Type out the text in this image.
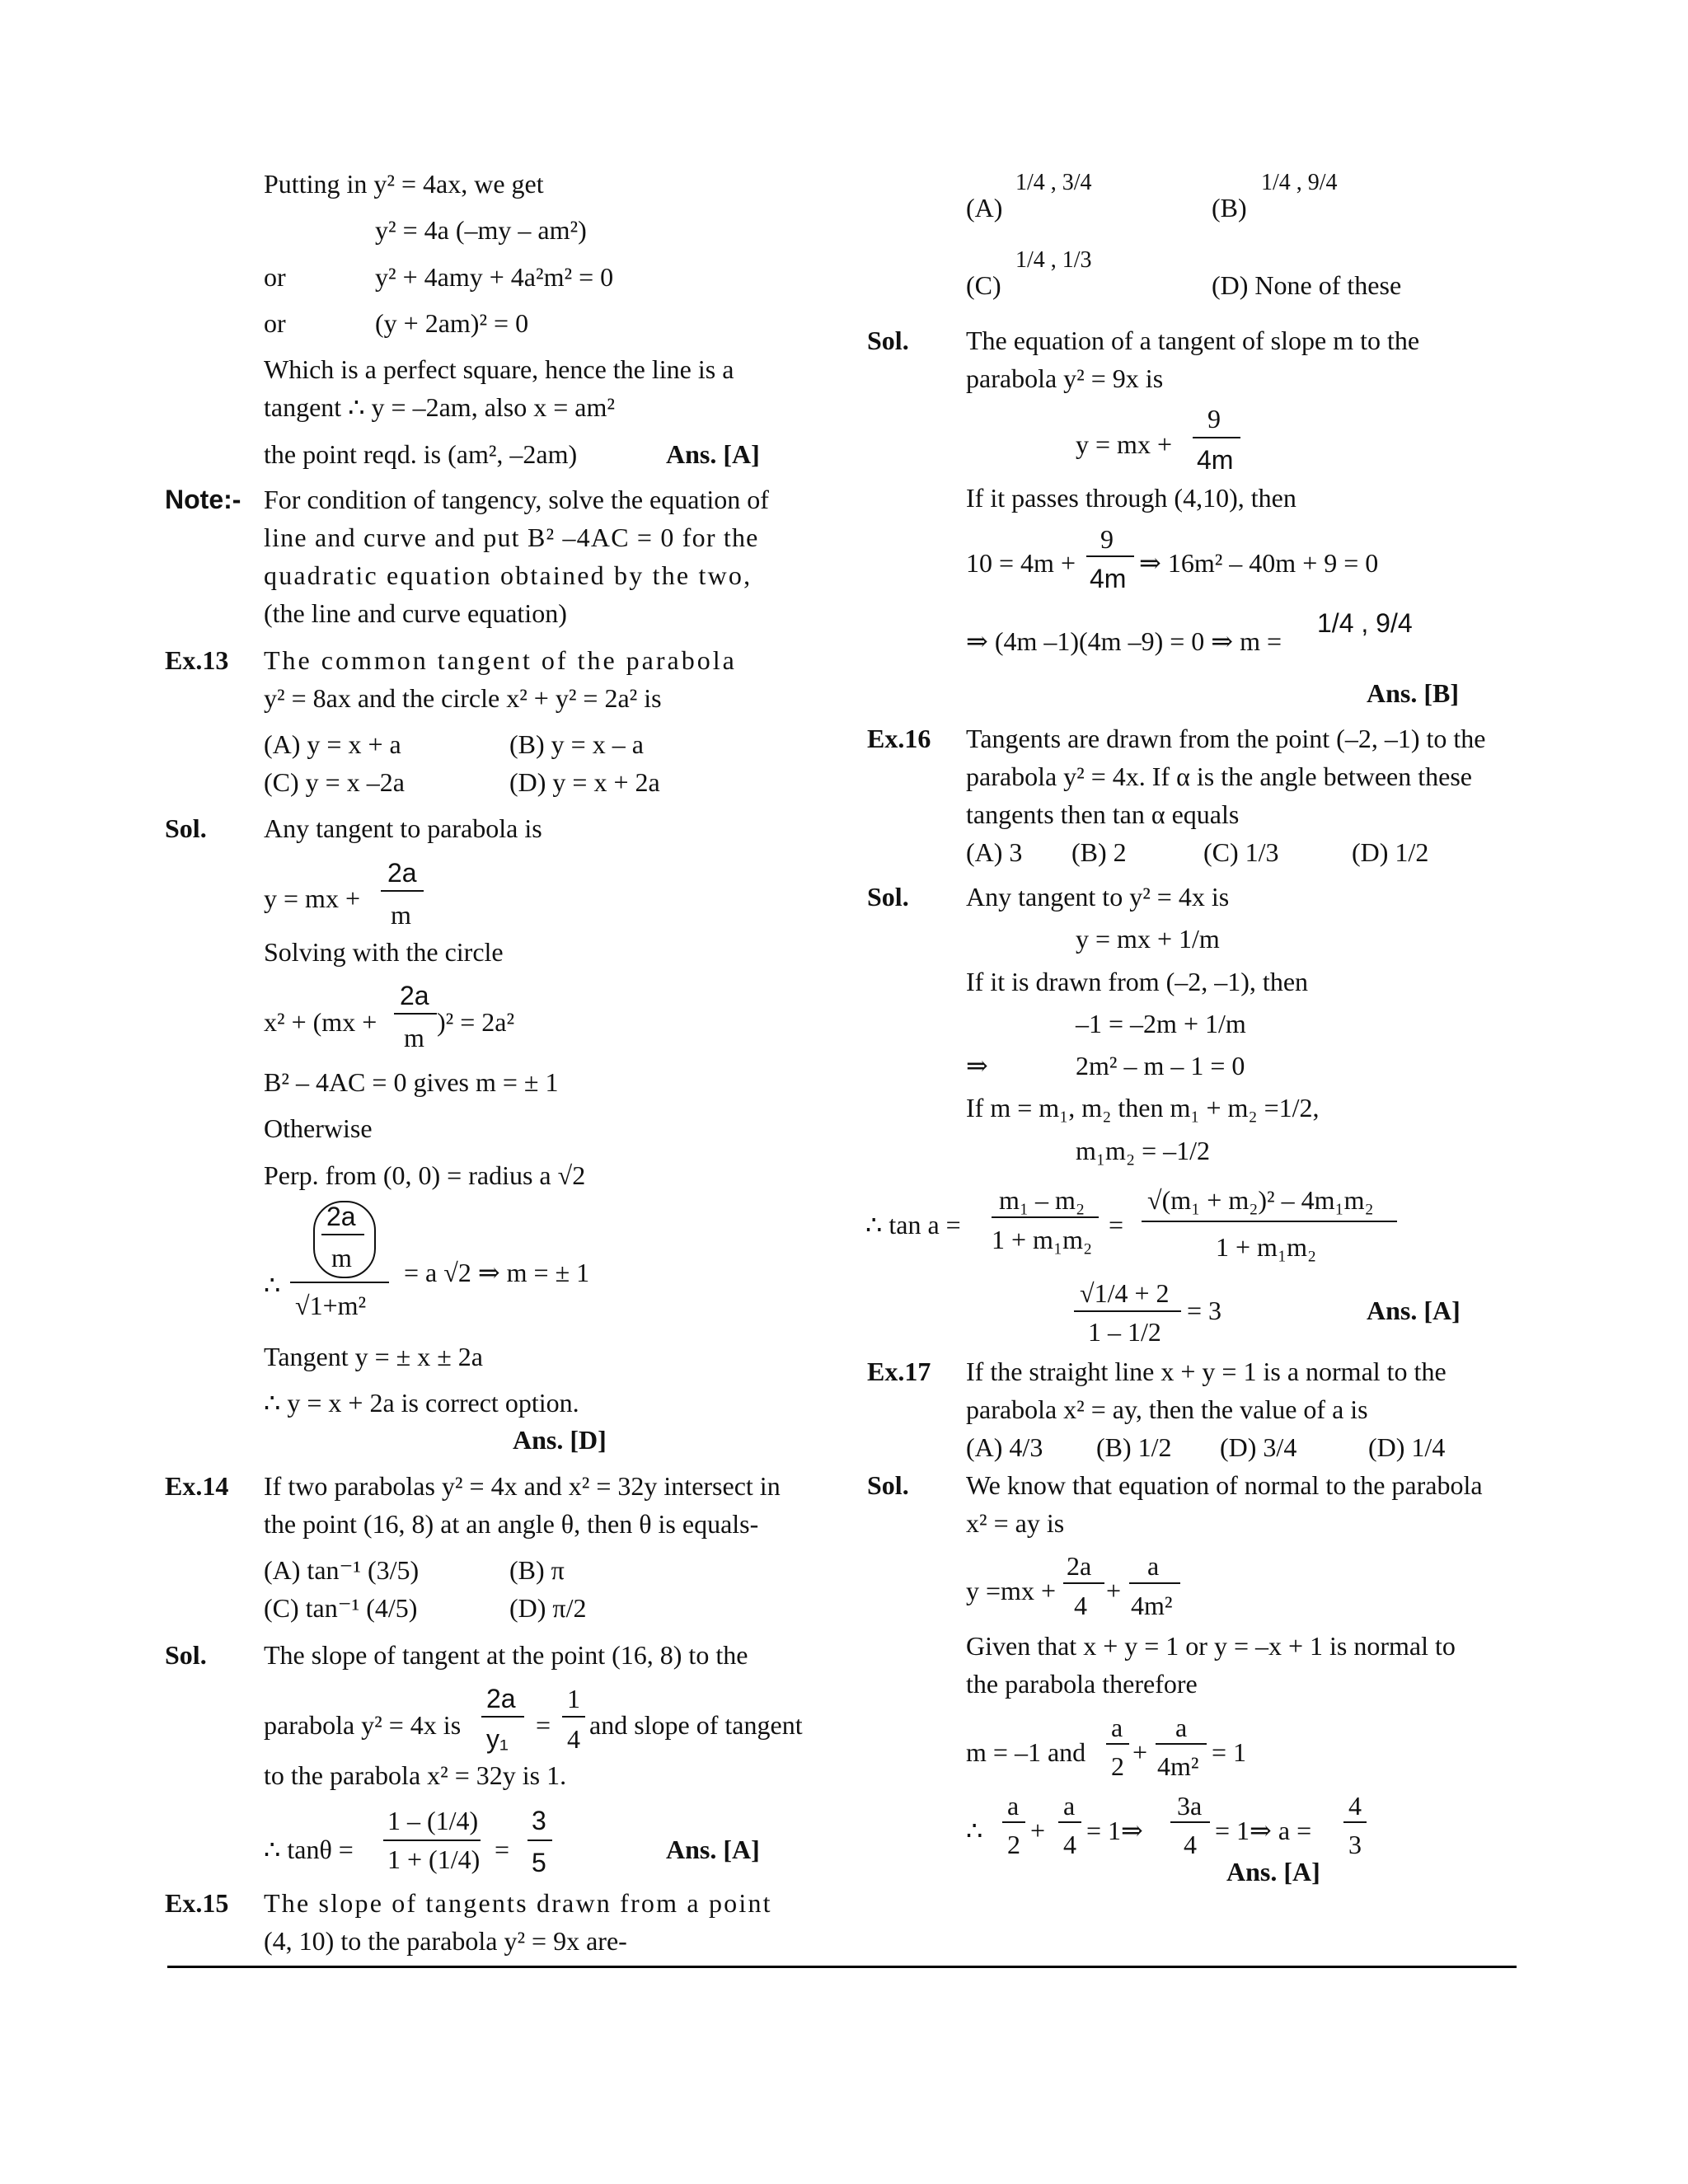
Putting in y² = 4ax, we get
y² = 4a (–my – am²)
or	y² + 4amy + 4a²m² = 0
or	(y + 2am)² = 0
Which is a perfect square, hence the line is a
tangent ∴ y = –2am, also x = am²
the point reqd. is (am², –2am)	Ans. [A]
Note:- For condition of tangency, solve the equation of
line and curve and put B² –4AC = 0 for the
quadratic equation obtained by the two,
(the line and curve equation)
Ex.13 The common tangent of the parabola
y² = 8ax and the circle x² + y² = 2a² is
(A) y = x + a	(B) y = x – a
(C) y = x –2a	(D) y = x + 2a
Sol. Any tangent to parabola is
y = mx +
2a
m
Solving with the circle
x² + (mx +
2a
m
)² = 2a²
B² – 4AC = 0 gives m = ± 1
Otherwise
Perp. from (0, 0) = radius a √2
∴
2a
m
√1+m²
= a √2 ⇒ m = ± 1
Tangent y = ± x ± 2a
∴ y = x + 2a is correct option.
Ans. [D]
Ex.14 If two parabolas y² = 4x and x² = 32y intersect in
the point (16, 8) at an angle θ, then θ is equals-
(A) tan⁻¹ (3/5)	(B) π
(C) tan⁻¹ (4/5)	(D) π/2
Sol. The slope of tangent at the point (16, 8) to the
parabola y² = 4x is
2a
y₁ =
1
4 and slope of tangent
to the parabola x² = 32y is 1.
∴ tanθ =
1 – (1/4)
1 + (1/4) =
3
5	Ans. [A]
Ex.15 The slope of tangents drawn from a point
(4, 10) to the parabola y² = 9x are-
(A)
1/4 , 3/4
(B)
1/4 , 9/4
(C)
1/4 , 1/3
(D) None of these
Sol. The equation of a tangent of slope m to the
parabola y² = 9x is
y = mx +
9
4m
If it passes through (4,10), then
10 = 4m +
9
4m
⇒ 16m² – 40m + 9 = 0
⇒ (4m –1)(4m –9) = 0 ⇒ m =
1/4 , 9/4
Ans. [B]
Ex.16 Tangents are drawn from the point (–2, –1) to the
parabola y² = 4x. If α is the angle between these
tangents then tan α equals
(A) 3 (B) 2	(C) 1/3	(D) 1/2
Sol. Any tangent to y² = 4x is
y = mx + 1/m
If it is drawn from (–2, –1), then
–1 = –2m + 1/m
⇒	2m² – m – 1 = 0
If m = m₁, m₂ then m₁ + m₂ =1/2,
m₁m₂ = –1/2
∴ tan a =
m₁ – m₂
1 + m₁m₂ =
√(m₁ + m₂)² – 4m₁m₂
1 + m₁m₂
√1/4 + 2
1 – 1/2
= 3	Ans. [A]
Ex.17 If the straight line x + y = 1 is a normal to the
parabola x² = ay, then the value of a is
(A) 4/3 (B) 1/2 (D) 3/4	(D) 1/4
Sol. We know that equation of normal to the parabola
x² = ay is
y =mx +
2a
4 +
a
4m²
Given that x + y = 1 or y = –x + 1 is normal to
the parabola therefore
m = –1 and
a
2 +
a
4m² = 1
∴
a
2 +
a
4 = 1⇒
3a
4 = 1⇒ a =
4
3
Ans. [A]
